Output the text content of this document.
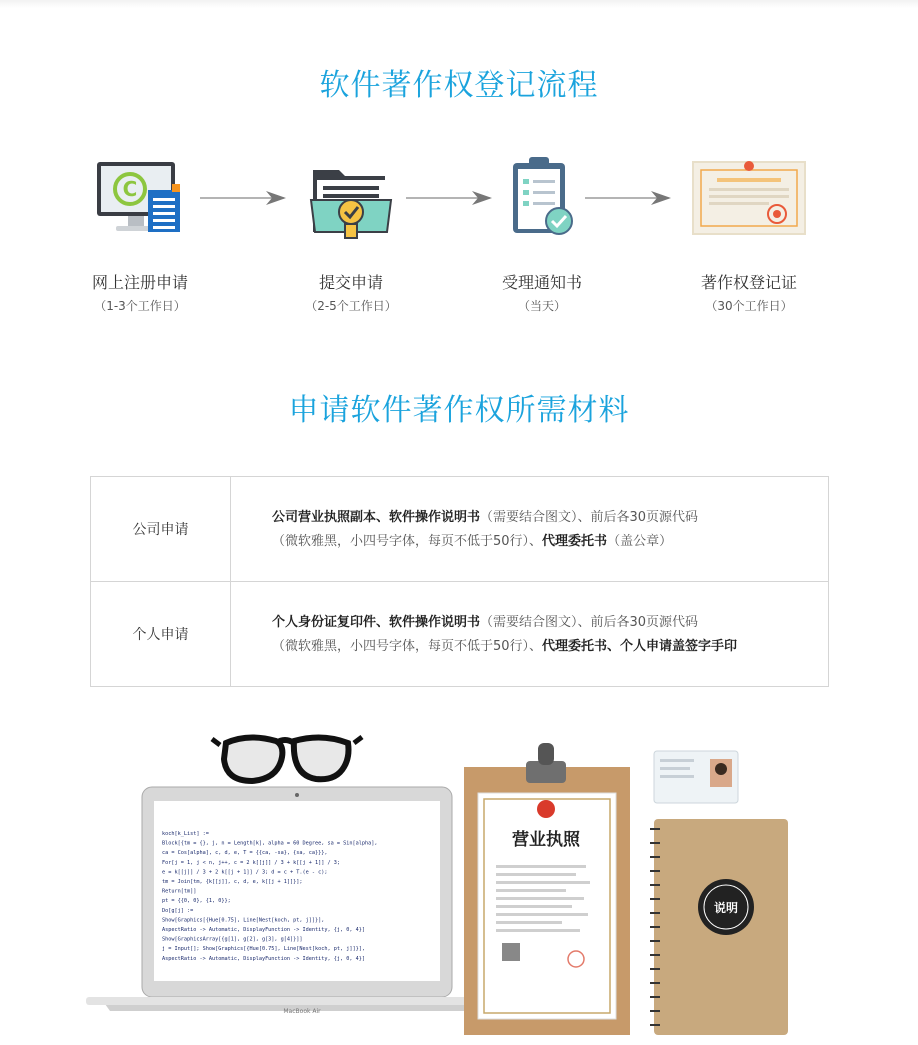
软件著作权登记流程
C
网上注册申请
（1-3个工作日）
提交申请
（2-5个工作日）
受理通知书
（当天）
著作权登记证
（30个工作日）
申请软件著作权所需材料
公司申请
公司营业执照副本、软件操作说明书（需要结合图文）、前后各30页源代码
（微软雅黑，小四号字体，每页不低于50行）、代理委托书（盖公章）
个人申请
个人身份证复印件、软件操作说明书（需要结合图文）、前后各30页源代码
（微软雅黑，小四号字体，每页不低于50行）、代理委托书、个人申请盖签字手印
MacBook Air
koch[k_List] :=
Block[{tm = {}, j, n = Length[k], alpha = 60 Degree, sa = Sin[alpha],
ca = Cos[alpha], c, d, e, T = {{ca, -sa}, {sa, ca}}},
For[j = 1, j < n, j++, c = 2 k[[j]] / 3 + k[[j + 1]] / 3;
e = k[[j]] / 3 + 2 k[[j + 1]] / 3; d = c + T.(e - c);
tm = Join[tm, {k[[j]], c, d, e, k[[j + 1]]}];
Return[tm]]
pt = {{0, 0}, {1, 0}};
Do[g[j] :=
Show[Graphics[{Hue[0.75], Line[Nest[koch, pt, j]]}],
AspectRatio -> Automatic, DisplayFunction -> Identity, {j, 0, 4}]
Show[GraphicsArray[{g[1], g[2], g[3], g[4]}]]
j = Input[]; Show[Graphics[{Hue[0.75], Line[Nest[koch, pt, j]]}],
AspectRatio -> Automatic, DisplayFunction -> Identity, {j, 0, 4}]
营业执照
说明
